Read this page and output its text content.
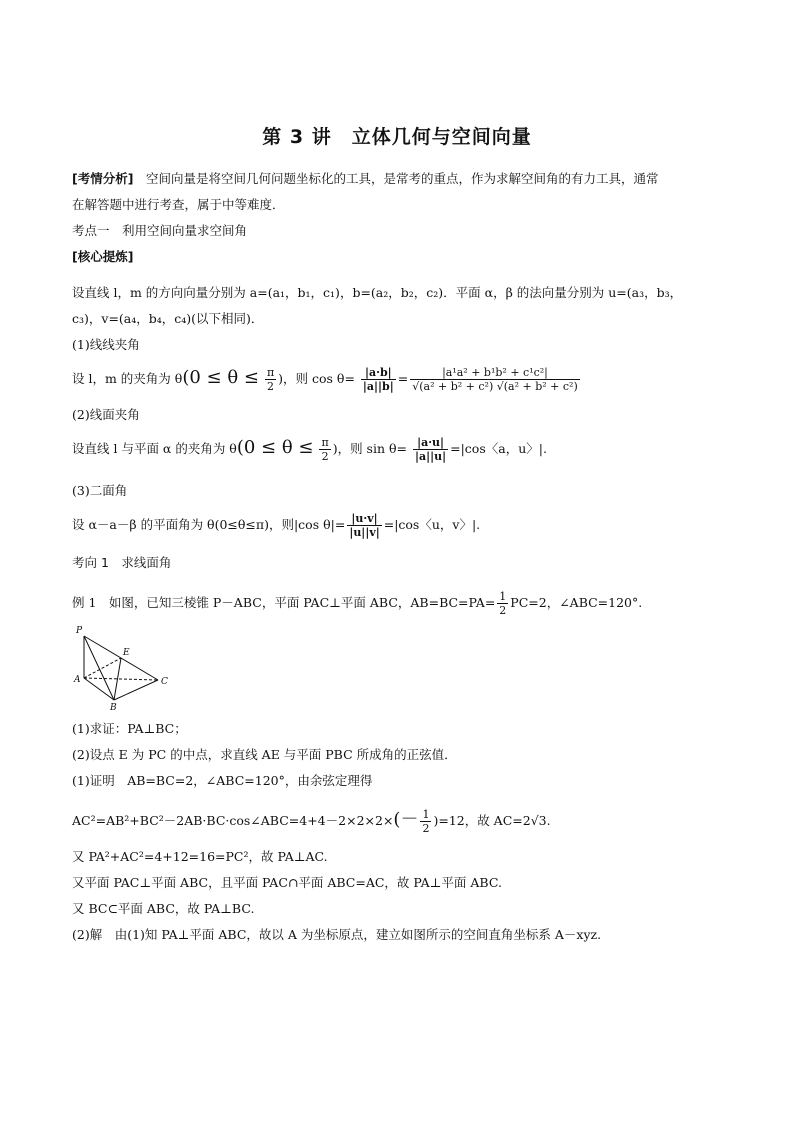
第 3 讲　立体几何与空间向量
[考情分析]　空间向量是将空间几何问题坐标化的工具，是常考的重点，作为求解空间角的有力工具，通常
在解答题中进行考查，属于中等难度．
考点一　利用空间向量求空间角
[核心提炼]
设直线 l，m 的方向向量分别为 a=(a₁，b₁，c₁)，b=(a₂，b₂，c₂)．平面 α，β 的法向量分别为 u=(a₃，b₃，
c₃)，v=(a₄，b₄，c₄)(以下相同)．
(1)线线夹角
设 l，m 的夹角为 $\theta(0 \le \theta \le \frac{\pi}{2}$ )，则 $\cos \theta= \frac{|a\cdot b|}{|a||b|} = \frac{\text{|a¹a² + b¹b² + c¹c²|}}{\text{√(a² + b² + c²) √(a² + b² + c²)}}$
(2)线面夹角
设直线 l 与平面 α 的夹角为 $\theta(0 \le \theta \le \frac{\pi}{2}$ )，则 $\sin \theta= \frac{|a\cdot u|}{|a||u|} =|\cos$〈a，u〉|.
(3)二面角
设 α－a－β 的平面角为 θ(0≤θ≤π)，则|cos $\theta|= \frac{|u\cdot v|}{|u||v|} =|\cos$〈u，v〉|.
考向 1　求线面角
例 1　如图，已知三棱锥 P－ABC，平面 PAC⊥平面 ABC，$AB=BC=PA= \frac{1}{2} PC=2$，∠ABC=120°.
P
E
A	C
B
(1)求证：PA⊥BC；
(2)设点 E 为 PC 的中点，求直线 AE 与平面 PBC 所成角的正弦值．
(1)证明　AB=BC=2，∠ABC=120°，由余弦定理得
AC²=AB²+BC²－2AB·BC·cos∠ABC=4+4－2×2×2×(－ $\frac{1}{2} )=12$，故 AC=2√3.
又 PA²+AC²=4+12=16=PC²，故 PA⊥AC.
又平面 PAC⊥平面 ABC，且平面 PAC∩平面 ABC=AC，故 PA⊥平面 ABC.
又 BC⊂平面 ABC，故 PA⊥BC.
(2)解　由(1)知 PA⊥平面 ABC，故以 A 为坐标原点，建立如图所示的空间直角坐标系 A－xyz.
